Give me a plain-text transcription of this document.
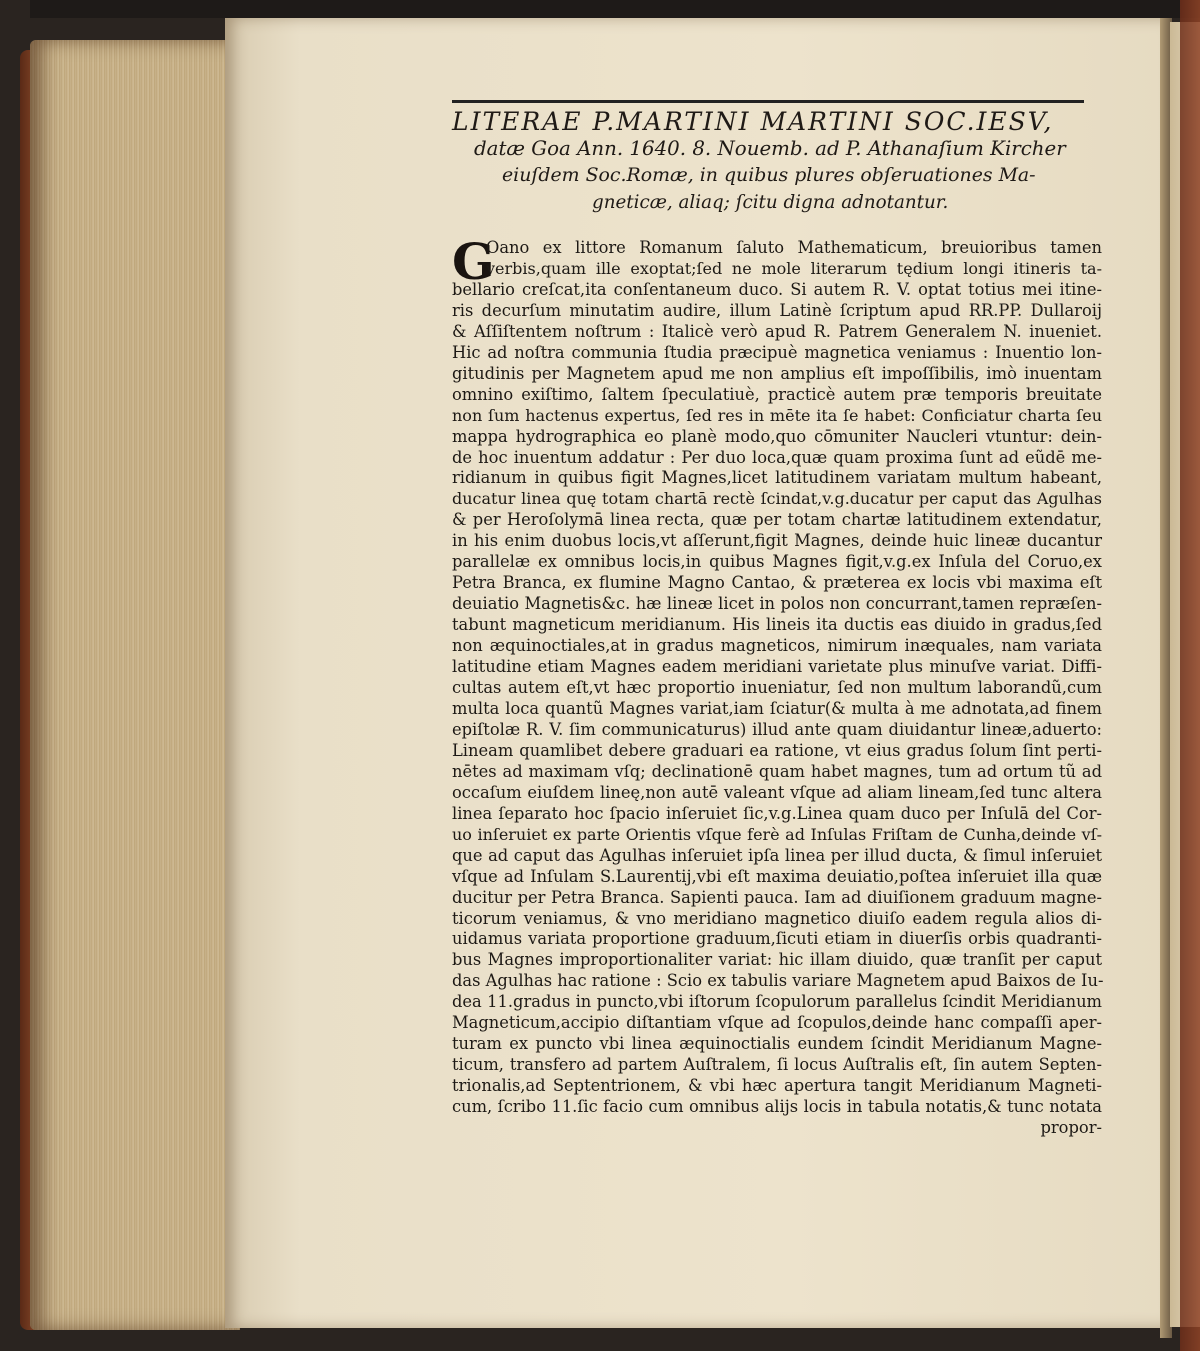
LITERAE P.MARTINI MARTINI SOC.IESV,
datæ Goa Ann. 1640. 8. Nouemb. ad P. Athanaſium Kircher
eiuſdem Soc.Romæ, in quibus plures obſeruationes Ma-
gneticæ, aliaq; ſcitu digna adnotantur.
G
Oano ex littore Romanum ſaluto Mathematicum, breuioribus tamen
verbis,quam ille exoptat;ſed ne mole literarum tędium longi itineris ta-
bellario creſcat,ita conſentaneum duco. Si autem R. V. optat totius mei itine-
ris decurſum minutatim audire, illum Latinè ſcriptum apud RR.PP. Dullaroij
& Aſſiſtentem noſtrum : Italicè verò apud R. Patrem Generalem N. inueniet.
Hic ad noſtra communia ſtudia præcipuè magnetica veniamus : Inuentio lon-
gitudinis per Magnetem apud me non amplius eſt impoſſibilis, imò inuentam
omnino exiſtimo, ſaltem ſpeculatiuè, practicè autem præ temporis breuitate
non ſum hactenus expertus, ſed res in mēte ita ſe habet: Conficiatur charta ſeu
mappa hydrographica eo planè modo,quo cōmuniter Naucleri vtuntur: dein-
de hoc inuentum addatur : Per duo loca,quæ quam proxima ſunt ad eũdē me-
ridianum in quibus figit Magnes,licet latitudinem variatam multum habeant,
ducatur linea quę totam chartā rectè ſcindat,v.g.ducatur per caput das Agulhas
& per Heroſolymā linea recta, quæ per totam chartæ latitudinem extendatur,
in his enim duobus locis,vt aſſerunt,figit Magnes, deinde huic lineæ ducantur
parallelæ ex omnibus locis,in quibus Magnes figit,v.g.ex Inſula del Coruo,ex
Petra Branca, ex flumine Magno Cantao, & præterea ex locis vbi maxima eſt
deuiatio Magnetis&c. hæ lineæ licet in polos non concurrant,tamen repræſen-
tabunt magneticum meridianum. His lineis ita ductis eas diuido in gradus,ſed
non æquinoctiales,at in gradus magneticos, nimirum inæquales, nam variata
latitudine etiam Magnes eadem meridiani varietate plus minuſve variat. Diffi-
cultas autem eſt,vt hæc proportio inueniatur, ſed non multum laborandũ,cum
multa loca quantũ Magnes variat,iam ſciatur(& multa à me adnotata,ad finem
epiſtolæ R. V. ſim communicaturus) illud ante quam diuidantur lineæ,aduerto:
Lineam quamlibet debere graduari ea ratione, vt eius gradus ſolum ſint perti-
nētes ad maximam vſq; declinationē quam habet magnes, tum ad ortum tũ ad
occaſum eiuſdem lineę,non autē valeant vſque ad aliam lineam,ſed tunc altera
linea ſeparato hoc ſpacio inſeruiet ſic,v.g.Linea quam duco per Inſulā del Cor-
uo inſeruiet ex parte Orientis vſque ferè ad Inſulas Friſtam de Cunha,deinde vſ-
que ad caput das Agulhas inſeruiet ipſa linea per illud ducta, & ſimul inſeruiet
vſque ad Inſulam S.Laurentij,vbi eſt maxima deuiatio,poſtea inſeruiet illa quæ
ducitur per Petra Branca. Sapienti pauca. Iam ad diuiſionem graduum magne-
ticorum veniamus, & vno meridiano magnetico diuiſo eadem regula alios di-
uidamus variata proportione graduum,ſicuti etiam in diuerſis orbis quadranti-
bus Magnes improportionaliter variat: hic illam diuido, quæ tranſit per caput
das Agulhas hac ratione : Scio ex tabulis variare Magnetem apud Baixos de Iu-
dea 11.gradus in puncto,vbi iſtorum ſcopulorum parallelus ſcindit Meridianum
Magneticum,accipio diſtantiam vſque ad ſcopulos,deinde hanc compaſſi aper-
turam ex puncto vbi linea æquinoctialis eundem ſcindit Meridianum Magne-
ticum, transfero ad partem Auſtralem, ſi locus Auſtralis eſt, ſin autem Septen-
trionalis,ad Septentrionem, & vbi hæc apertura tangit Meridianum Magneti-
cum, ſcribo 11.ſic facio cum omnibus alijs locis in tabula notatis,& tunc notata
propor-
